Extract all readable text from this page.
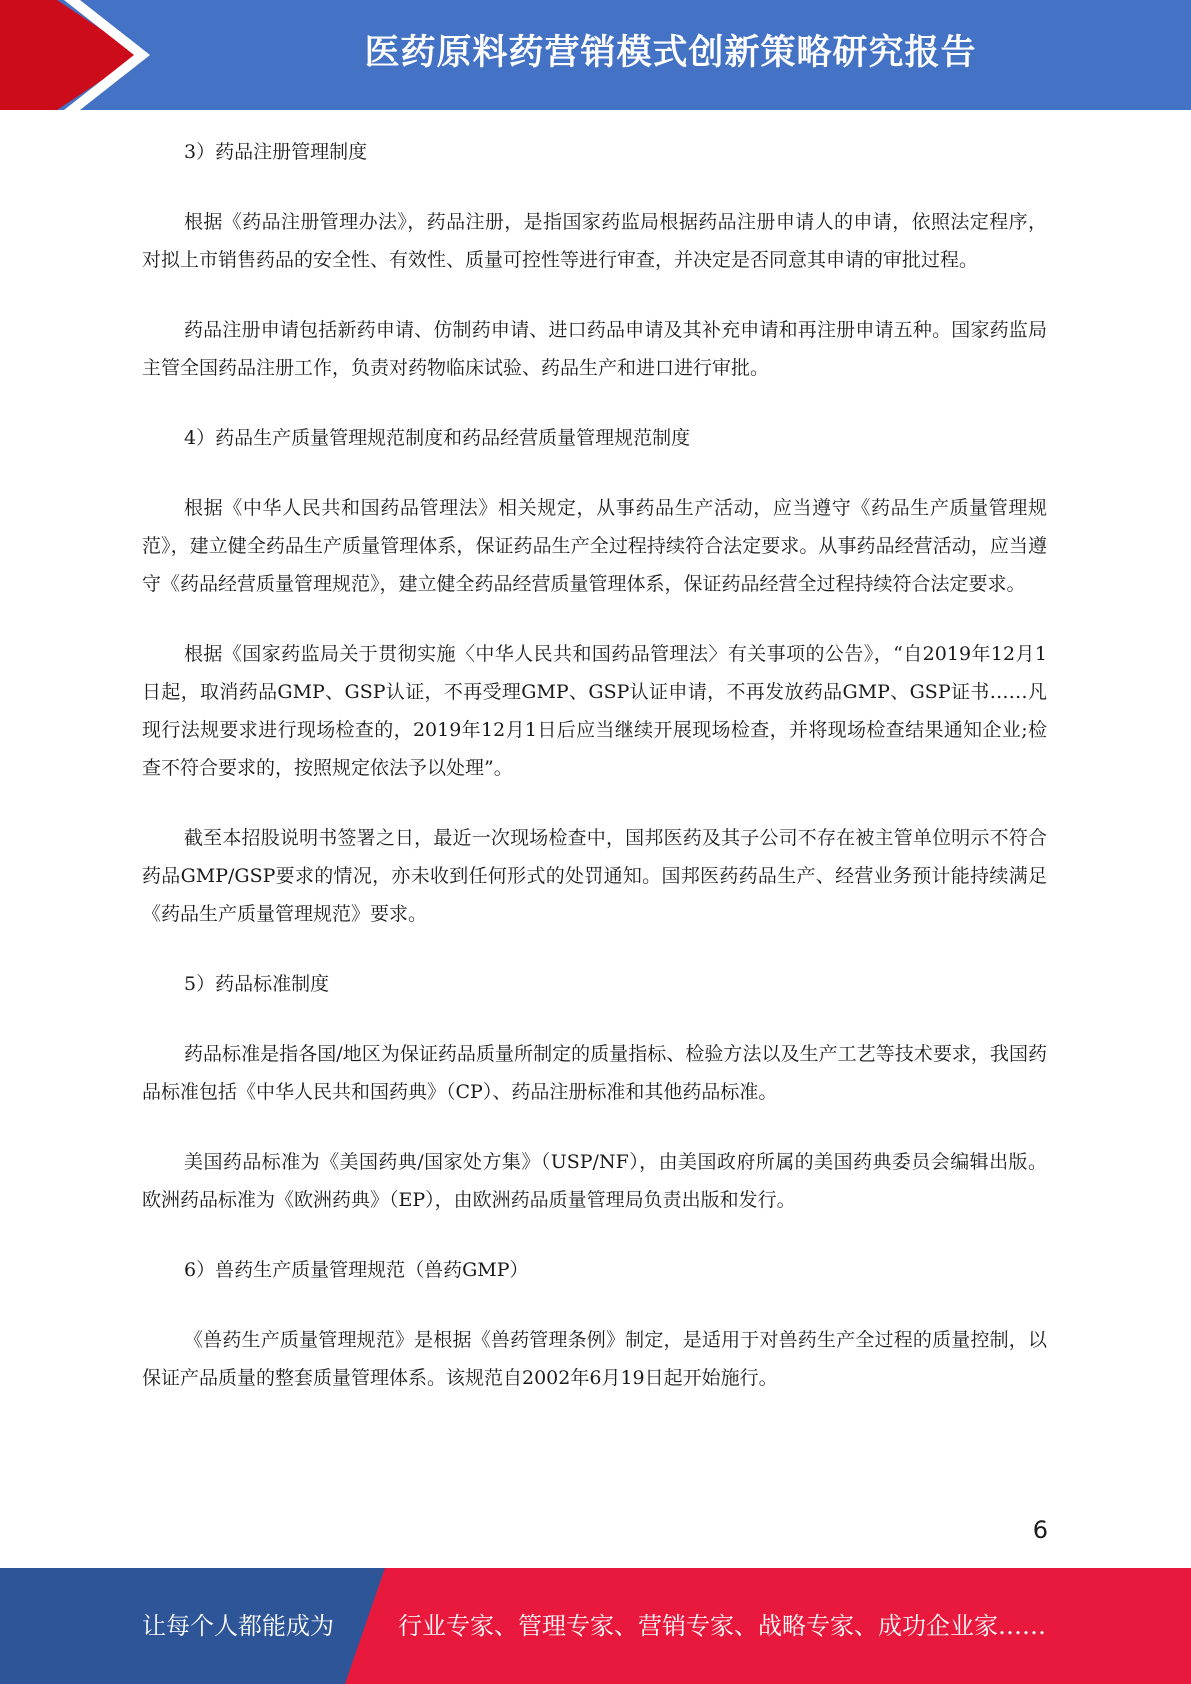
医药原料药营销模式创新策略研究报告

3）药品注册管理制度

根据《药品注册管理办法》，药品注册，是指国家药监局根据药品注册申请人的申请，依照法定程序，对拟上市销售药品的安全性、有效性、质量可控性等进行审查，并决定是否同意其申请的审批过程。

药品注册申请包括新药申请、仿制药申请、进口药品申请及其补充申请和再注册申请五种。国家药监局主管全国药品注册工作，负责对药物临床试验、药品生产和进口进行审批。

4）药品生产质量管理规范制度和药品经营质量管理规范制度

根据《中华人民共和国药品管理法》相关规定，从事药品生产活动，应当遵守《药品生产质量管理规范》，建立健全药品生产质量管理体系，保证药品生产全过程持续符合法定要求。从事药品经营活动，应当遵守《药品经营质量管理规范》，建立健全药品经营质量管理体系，保证药品经营全过程持续符合法定要求。

根据《国家药监局关于贯彻实施〈中华人民共和国药品管理法〉有关事项的公告》，“自2019年12月1日起，取消药品GMP、GSP认证，不再受理GMP、GSP认证申请，不再发放药品GMP、GSP证书……凡现行法规要求进行现场检查的，2019年12月1日后应当继续开展现场检查，并将现场检查结果通知企业;检查不符合要求的，按照规定依法予以处理”。

截至本招股说明书签署之日，最近一次现场检查中，国邦医药及其子公司不存在被主管单位明示不符合药品GMP/GSP要求的情况，亦未收到任何形式的处罚通知。国邦医药药品生产、经营业务预计能持续满足《药品生产质量管理规范》要求。

5）药品标准制度

药品标准是指各国/地区为保证药品质量所制定的质量指标、检验方法以及生产工艺等技术要求，我国药品标准包括《中华人民共和国药典》（CP）、药品注册标准和其他药品标准。

美国药品标准为《美国药典/国家处方集》（USP/NF），由美国政府所属的美国药典委员会编辑出版。欧洲药品标准为《欧洲药典》（EP），由欧洲药品质量管理局负责出版和发行。

6）兽药生产质量管理规范（兽药GMP）

《兽药生产质量管理规范》是根据《兽药管理条例》制定，是适用于对兽药生产全过程的质量控制，以保证产品质量的整套质量管理体系。该规范自2002年6月19日起开始施行。

6
让每个人都能成为	行业专家、管理专家、营销专家、战略专家、成功企业家……
